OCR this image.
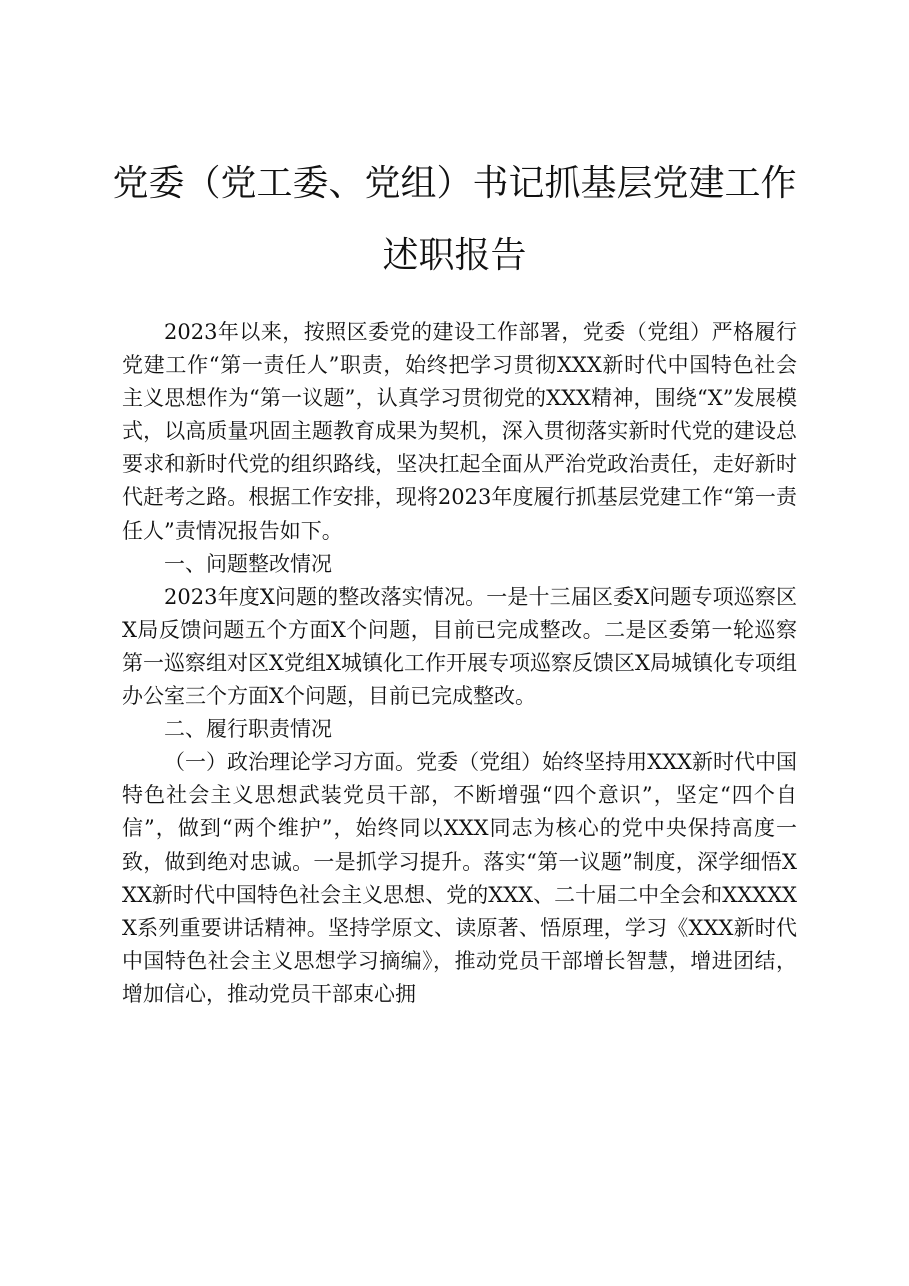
党委（党工委、党组）书记抓基层党建工作述职报告

2023年以来，按照区委党的建设工作部署，党委（党组）严格履行党建工作“第一责任人”职责，始终把学习贯彻XXX新时代中国特色社会主义思想作为“第一议题”，认真学习贯彻党的XXX精神，围绕“X”发展模式，以高质量巩固主题教育成果为契机，深入贯彻落实新时代党的建设总要求和新时代党的组织路线，坚决扛起全面从严治党政治责任，走好新时代赶考之路。根据工作安排，现将2023年度履行抓基层党建工作“第一责任人”责情况报告如下。

一、问题整改情况

2023年度X问题的整改落实情况。一是十三届区委X问题专项巡察区X局反馈问题五个方面X个问题，目前已完成整改。二是区委第一轮巡察第一巡察组对区X党组X城镇化工作开展专项巡察反馈区X局城镇化专项组办公室三个方面X个问题，目前已完成整改。

二、履行职责情况

（一）政治理论学习方面。党委（党组）始终坚持用XXX新时代中国特色社会主义思想武装党员干部，不断增强“四个意识”，坚定“四个自信”，做到“两个维护”，始终同以XXX同志为核心的党中央保持高度一致，做到绝对忠诚。一是抓学习提升。落实“第一议题”制度，深学细悟XXX新时代中国特色社会主义思想、党的XXX、二十届二中全会和XXXXXX系列重要讲话精神。坚持学原文、读原著、悟原理，学习《XXX新时代中国特色社会主义思想学习摘编》，推动党员干部增长智慧，增进团结，增加信心，推动党员干部束心拥
